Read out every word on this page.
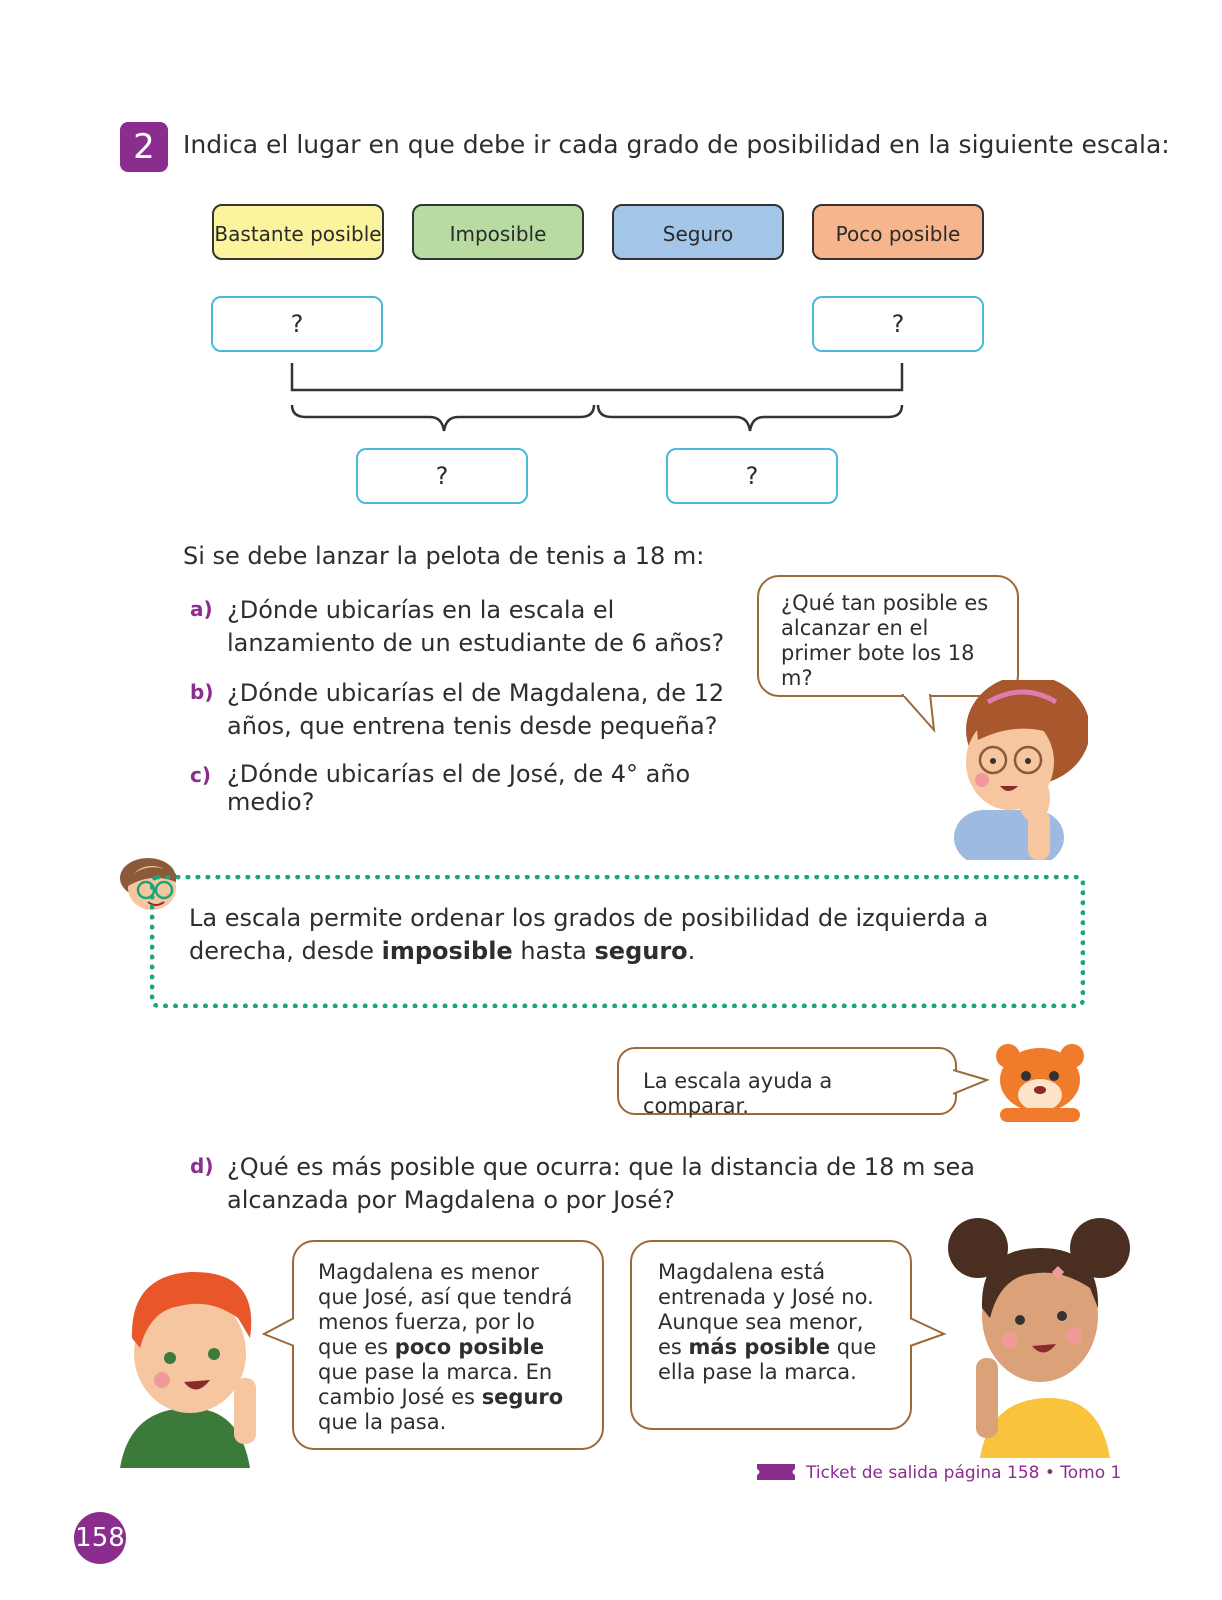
2	Indica el lugar en que debe ir cada grado de posibilidad en la siguiente escala:
Bastante posible	Imposible	Seguro	Poco posible
?	?
?	?
Si se debe lanzar la pelota de tenis a 18 m:
a) ¿Dónde ubicarías en la escala el lanzamiento de un estudiante de 6 años?
b) ¿Dónde ubicarías el de Magdalena, de 12 años, que entrena tenis desde pequeña?
c) ¿Dónde ubicarías el de José, de 4° año medio?
¿Qué tan posible es alcanzar en el primer bote los 18 m?
La escala permite ordenar los grados de posibilidad de izquierda a derecha, desde imposible hasta seguro.
La escala ayuda a comparar.
d) ¿Qué es más posible que ocurra: que la distancia de 18 m sea alcanzada por Magdalena o por José?
Magdalena es menor que José, así que tendrá menos fuerza, por lo que es poco posible que pase la marca. En cambio José es seguro que la pasa.
Magdalena está entrenada y José no. Aunque sea menor, es más posible que ella pase la marca.
Ticket de salida página 158 • Tomo 1
158
